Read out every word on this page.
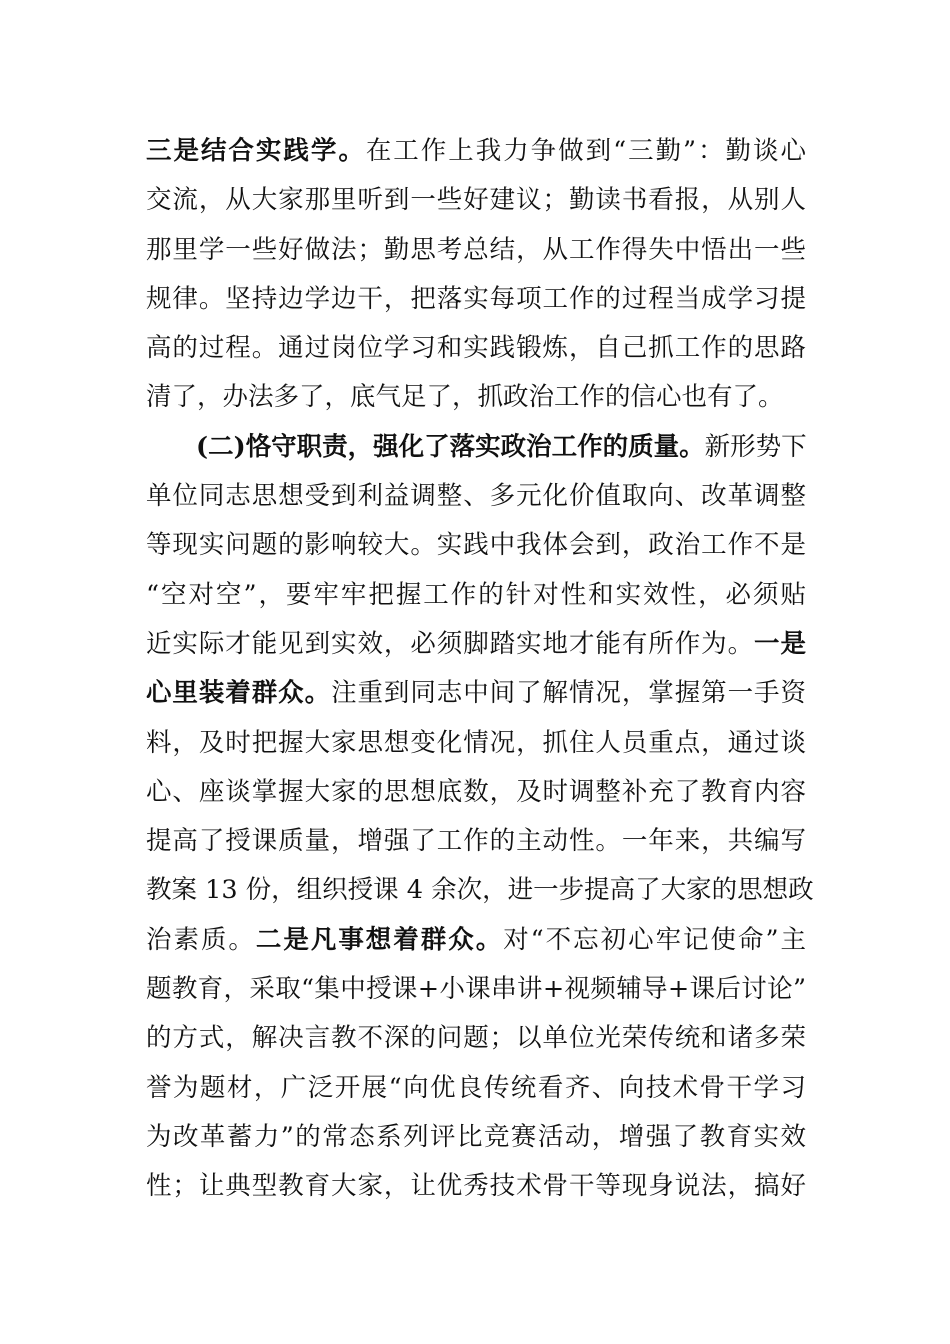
三是结合实践学。在工作上我力争做到“三勤”：勤谈心
交流，从大家那里听到一些好建议；勤读书看报，从别人
那里学一些好做法；勤思考总结，从工作得失中悟出一些
规律。坚持边学边干，把落实每项工作的过程当成学习提
高的过程。通过岗位学习和实践锻炼，自己抓工作的思路
清了，办法多了，底气足了，抓政治工作的信心也有了。
(二)恪守职责，强化了落实政治工作的质量。新形势下
单位同志思想受到利益调整、多元化价值取向、改革调整
等现实问题的影响较大。实践中我体会到，政治工作不是
“空对空”，要牢牢把握工作的针对性和实效性，必须贴
近实际才能见到实效，必须脚踏实地才能有所作为。一是
心里装着群众。注重到同志中间了解情况，掌握第一手资
料，及时把握大家思想变化情况，抓住人员重点，通过谈
心、座谈掌握大家的思想底数，及时调整补充了教育内容
提高了授课质量，增强了工作的主动性。一年来，共编写
教案 13 份，组织授课 4 余次，进一步提高了大家的思想政
治素质。二是凡事想着群众。对“不忘初心牢记使命”主
题教育，采取“集中授课+小课串讲+视频辅导+课后讨论”
的方式，解决言教不深的问题；以单位光荣传统和诸多荣
誉为题材，广泛开展“向优良传统看齐、向技术骨干学习
为改革蓄力”的常态系列评比竞赛活动，增强了教育实效
性；让典型教育大家，让优秀技术骨干等现身说法，搞好
